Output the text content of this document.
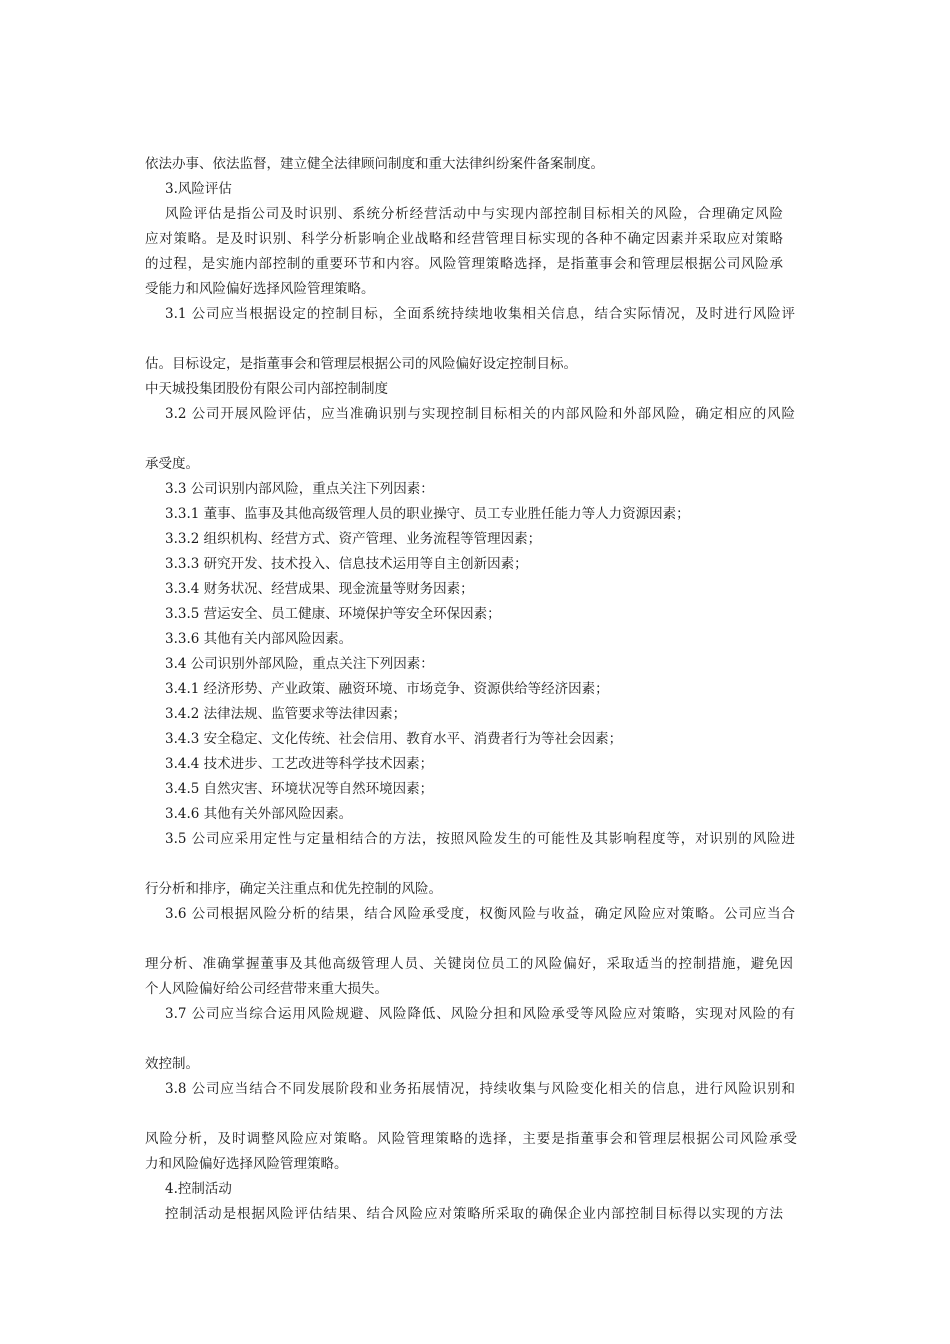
依法办事、依法监督，建立健全法律顾问制度和重大法律纠纷案件备案制度。
3.风险评估
风险评估是指公司及时识别、系统分析经营活动中与实现内部控制目标相关的风险，合理确定风险
应对策略。是及时识别、科学分析影响企业战略和经营管理目标实现的各种不确定因素并采取应对策略
的过程，是实施内部控制的重要环节和内容。风险管理策略选择，是指董事会和管理层根据公司风险承
受能力和风险偏好选择风险管理策略。
3.1 公司应当根据设定的控制目标，全面系统持续地收集相关信息，结合实际情况，及时进行风险评
估。目标设定，是指董事会和管理层根据公司的风险偏好设定控制目标。
中天城投集团股份有限公司内部控制制度
3.2 公司开展风险评估，应当准确识别与实现控制目标相关的内部风险和外部风险，确定相应的风险
承受度。
3.3 公司识别内部风险，重点关注下列因素：
3.3.1 董事、监事及其他高级管理人员的职业操守、员工专业胜任能力等人力资源因素；
3.3.2 组织机构、经营方式、资产管理、业务流程等管理因素；
3.3.3 研究开发、技术投入、信息技术运用等自主创新因素；
3.3.4 财务状况、经营成果、现金流量等财务因素；
3.3.5 营运安全、员工健康、环境保护等安全环保因素；
3.3.6 其他有关内部风险因素。
3.4 公司识别外部风险，重点关注下列因素：
3.4.1 经济形势、产业政策、融资环境、市场竞争、资源供给等经济因素；
3.4.2 法律法规、监管要求等法律因素；
3.4.3 安全稳定、文化传统、社会信用、教育水平、消费者行为等社会因素；
3.4.4 技术进步、工艺改进等科学技术因素；
3.4.5 自然灾害、环境状况等自然环境因素；
3.4.6 其他有关外部风险因素。
3.5 公司应采用定性与定量相结合的方法，按照风险发生的可能性及其影响程度等，对识别的风险进
行分析和排序，确定关注重点和优先控制的风险。
3.6 公司根据风险分析的结果，结合风险承受度，权衡风险与收益，确定风险应对策略。公司应当合
理分析、准确掌握董事及其他高级管理人员、关键岗位员工的风险偏好，采取适当的控制措施，避免因
个人风险偏好给公司经营带来重大损失。
3.7 公司应当综合运用风险规避、风险降低、风险分担和风险承受等风险应对策略，实现对风险的有
效控制。
3.8 公司应当结合不同发展阶段和业务拓展情况，持续收集与风险变化相关的信息，进行风险识别和
风险分析，及时调整风险应对策略。风险管理策略的选择，主要是指董事会和管理层根据公司风险承受
力和风险偏好选择风险管理策略。
4.控制活动
控制活动是根据风险评估结果、结合风险应对策略所采取的确保企业内部控制目标得以实现的方法
